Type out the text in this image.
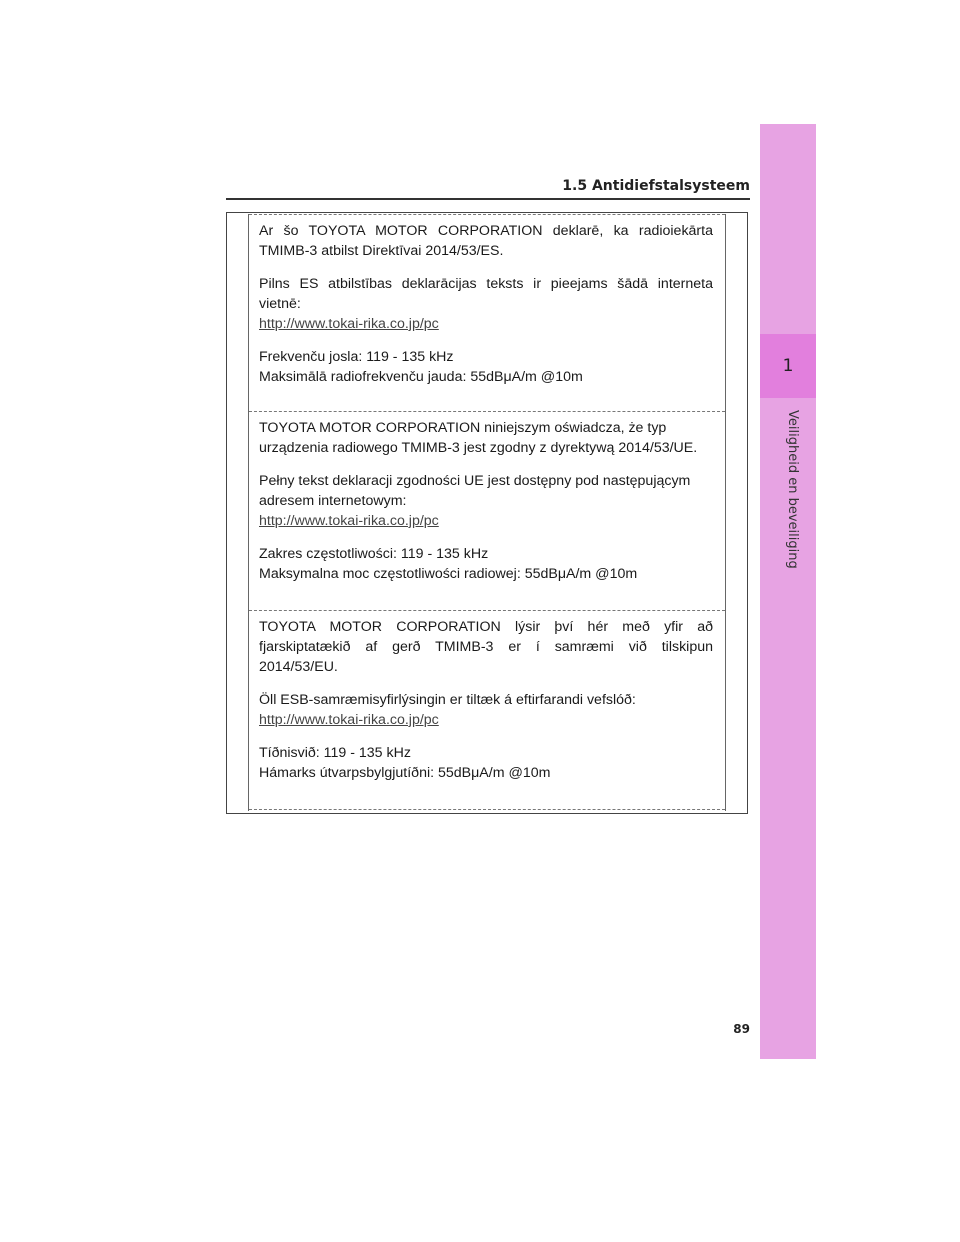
1
Veiligheid en beveiliging
1.5 Antidiefstalsysteem

Ar šo TOYOTA MOTOR CORPORATION deklarē, ka radioiekārta
TMIMB-3 atbilst Direktīvai 2014/53/ES.

Pilns ES atbilstības deklarācijas teksts ir pieejams šādā interneta
vietnē:
http://www.tokai-rika.co.jp/pc

Frekvenču josla: 119 - 135 kHz
Maksimālā radiofrekvenču jauda: 55dBμA/m @10m

TOYOTA MOTOR CORPORATION niniejszym oświadcza, że typ
urządzenia radiowego TMIMB-3 jest zgodny z dyrektywą 2014/53/UE.

Pełny tekst deklaracji zgodności UE jest dostępny pod następującym
adresem internetowym:
http://www.tokai-rika.co.jp/pc

Zakres częstotliwości: 119 - 135 kHz
Maksymalna moc częstotliwości radiowej: 55dBμA/m @10m

TOYOTA MOTOR CORPORATION lýsir því hér með yfir að
fjarskiptatækið af gerð TMIMB-3 er í samræmi við tilskipun
2014/53/EU.

Öll ESB-samræmisyfirlýsingin er tiltæk á eftirfarandi vefslóð:
http://www.tokai-rika.co.jp/pc

Tíðnisvið: 119 - 135 kHz
Hámarks útvarpsbylgjutíðni: 55dBμA/m @10m

89
